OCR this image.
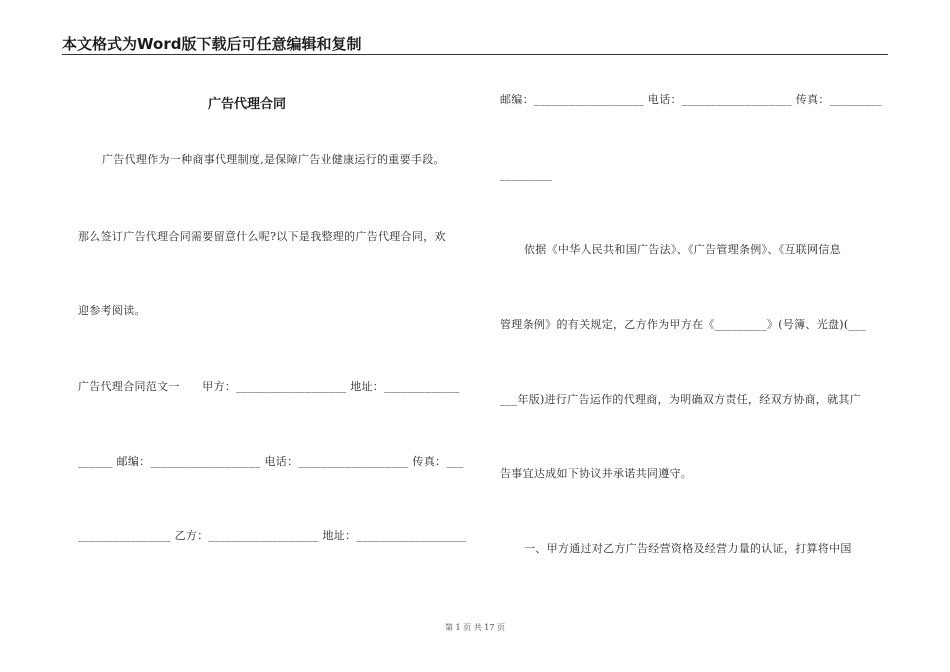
本文格式为Word版下载后可任意编辑和复制
广告代理合同
广告代理作为一种商事代理制度,是保障广告业健康运行的重要手段。
那么签订广告代理合同需要留意什么呢?以下是我整理的广告代理合同，欢
迎参考阅读。
广告代理合同范文一　　甲方：___________________ 地址：_____________
______ 邮编：___________________ 电话：___________________ 传真：___
________________ 乙方：___________________ 地址：___________________
邮编：___________________ 电话：___________________ 传真：_________
_________
依据《中华人民共和国广告法》、《广告管理条例》、《互联网信息
管理条例》的有关规定，乙方作为甲方在《_________》(号簿、光盘)(___
___年版)进行广告运作的代理商，为明确双方责任，经双方协商，就其广
告事宜达成如下协议并承诺共同遵守。
一、甲方通过对乙方广告经营资格及经营力量的认证，打算将中国
第 1 页 共 17 页
